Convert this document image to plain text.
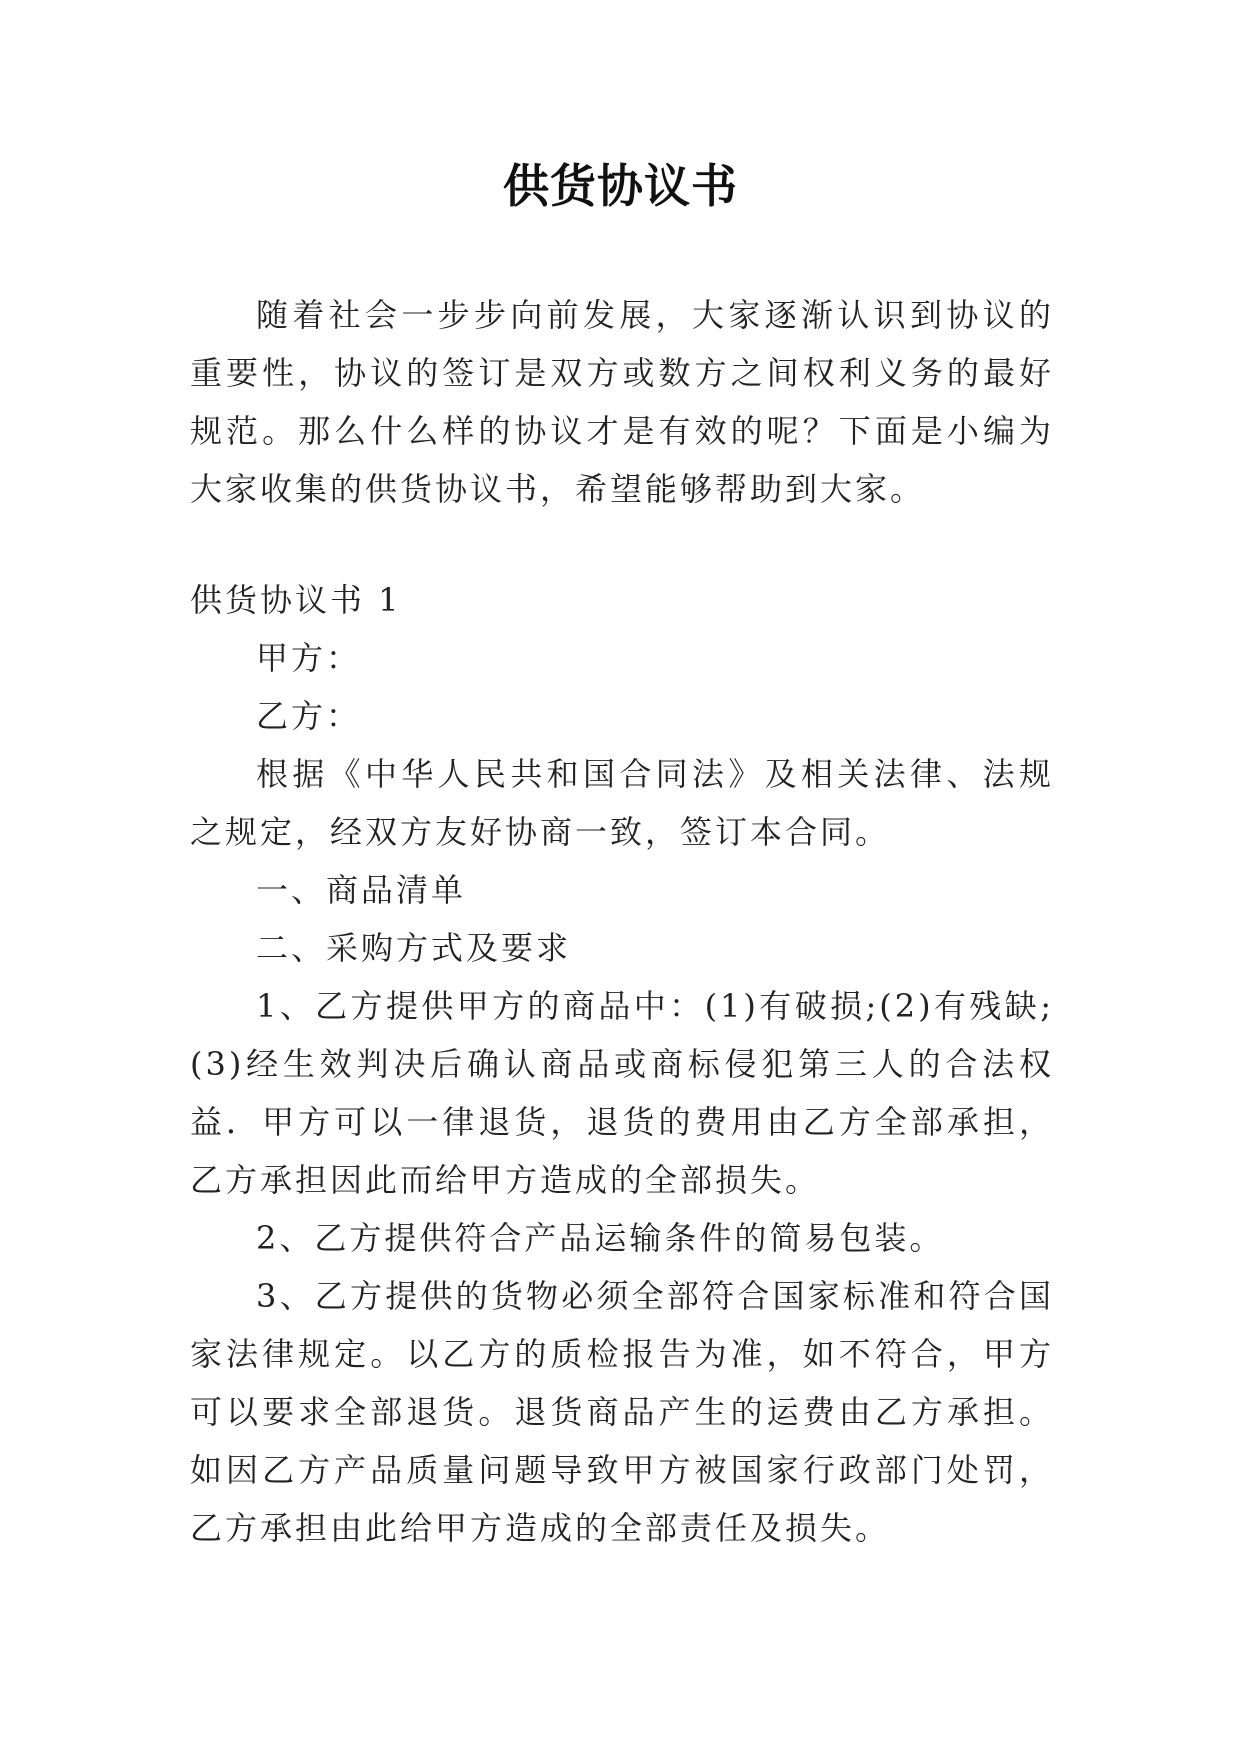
供货协议书

随着社会一步步向前发展，大家逐渐认识到协议的重要性，协议的签订是双方或数方之间权利义务的最好规范。那么什么样的协议才是有效的呢？下面是小编为大家收集的供货协议书，希望能够帮助到大家。

供货协议书 1

甲方：

乙方：

根据《中华人民共和国合同法》及相关法律、法规之规定，经双方友好协商一致，签订本合同。

一、商品清单

二、采购方式及要求

1、乙方提供甲方的商品中：(1)有破损;(2)有残缺;(3)经生效判决后确认商品或商标侵犯第三人的合法权益．甲方可以一律退货，退货的费用由乙方全部承担，乙方承担因此而给甲方造成的全部损失。

2、乙方提供符合产品运输条件的简易包装。

3、乙方提供的货物必须全部符合国家标准和符合国家法律规定。以乙方的质检报告为准，如不符合，甲方可以要求全部退货。退货商品产生的运费由乙方承担。如因乙方产品质量问题导致甲方被国家行政部门处罚，乙方承担由此给甲方造成的全部责任及损失。
